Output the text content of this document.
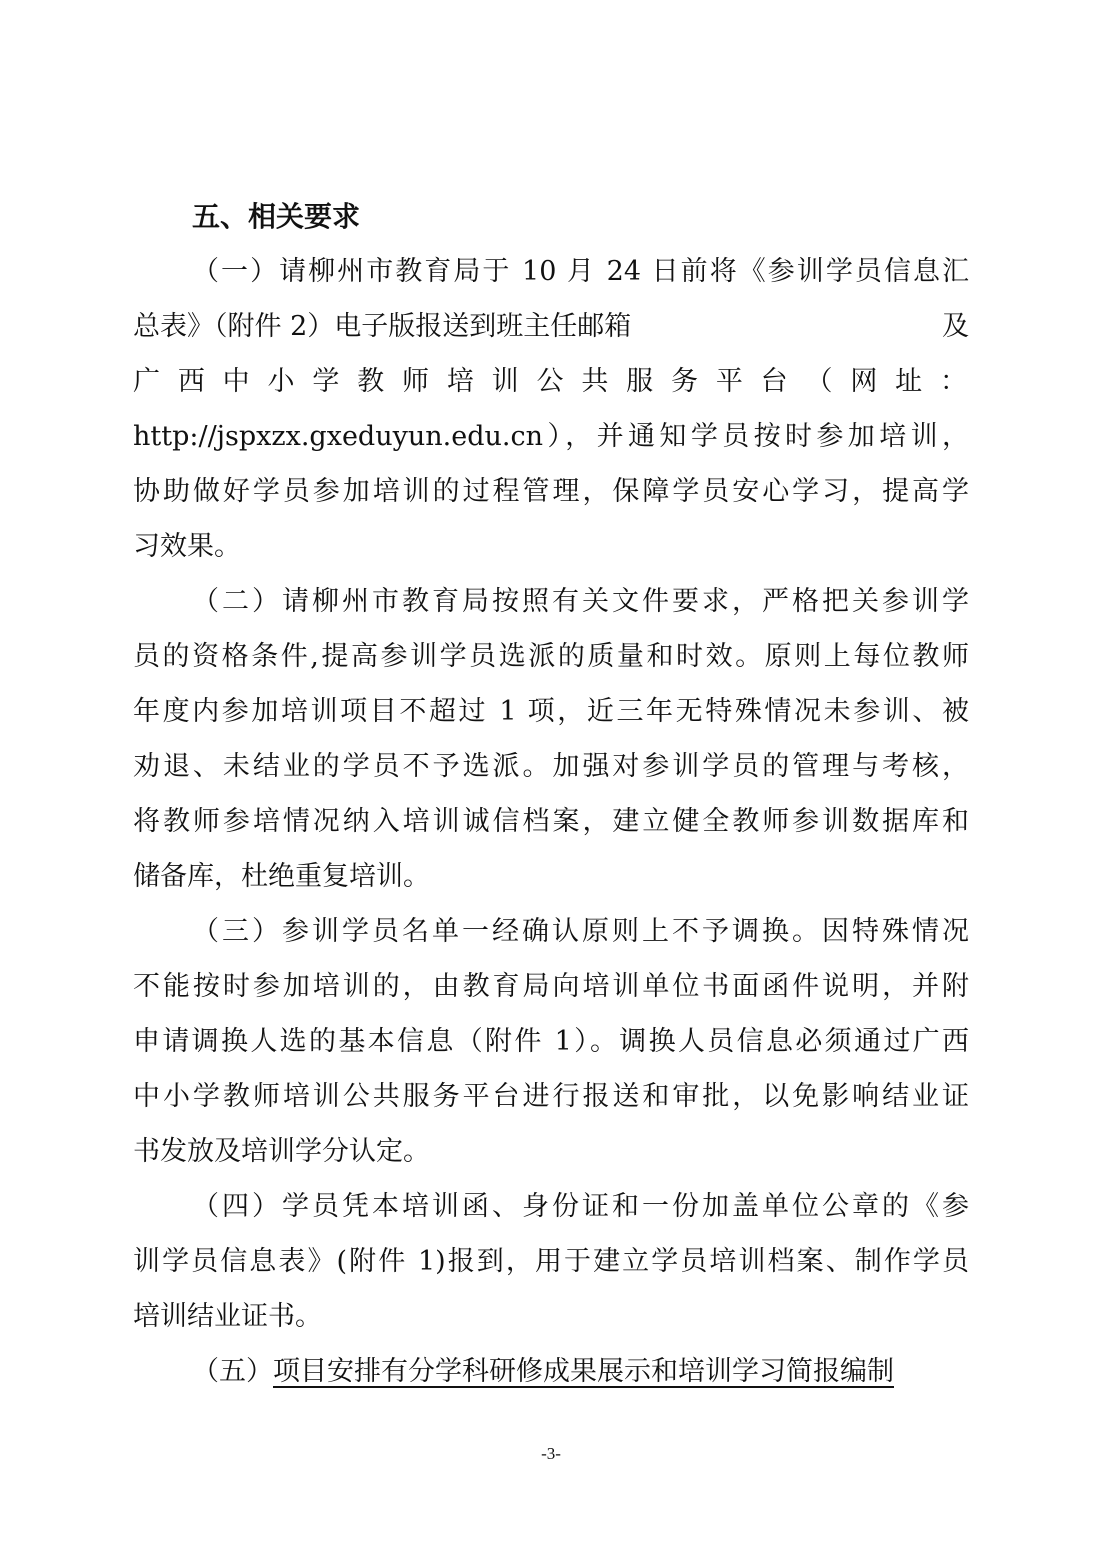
五、相关要求
（一）请柳州市教育局于 10 月 24 日前将《参训学员信息汇
总表》（附件 2）电子版报送到班主任邮箱	及
广西中小学教师培训公共服务平台（网址：
http://jspxzx.gxeduyun.edu.cn），并通知学员按时参加培训，
协助做好学员参加培训的过程管理，保障学员安心学习，提高学
习效果。
（二）请柳州市教育局按照有关文件要求，严格把关参训学
员的资格条件,提高参训学员选派的质量和时效。原则上每位教师
年度内参加培训项目不超过 1 项，近三年无特殊情况未参训、被
劝退、未结业的学员不予选派。加强对参训学员的管理与考核，
将教师参培情况纳入培训诚信档案，建立健全教师参训数据库和
储备库，杜绝重复培训。
（三）参训学员名单一经确认原则上不予调换。因特殊情况
不能按时参加培训的，由教育局向培训单位书面函件说明，并附
申请调换人选的基本信息（附件 1）。调换人员信息必须通过广西
中小学教师培训公共服务平台进行报送和审批，以免影响结业证
书发放及培训学分认定。
（四）学员凭本培训函、身份证和一份加盖单位公章的《参
训学员信息表》(附件 1)报到，用于建立学员培训档案、制作学员
培训结业证书。
（五）项目安排有分学科研修成果展示和培训学习简报编制
-3-
